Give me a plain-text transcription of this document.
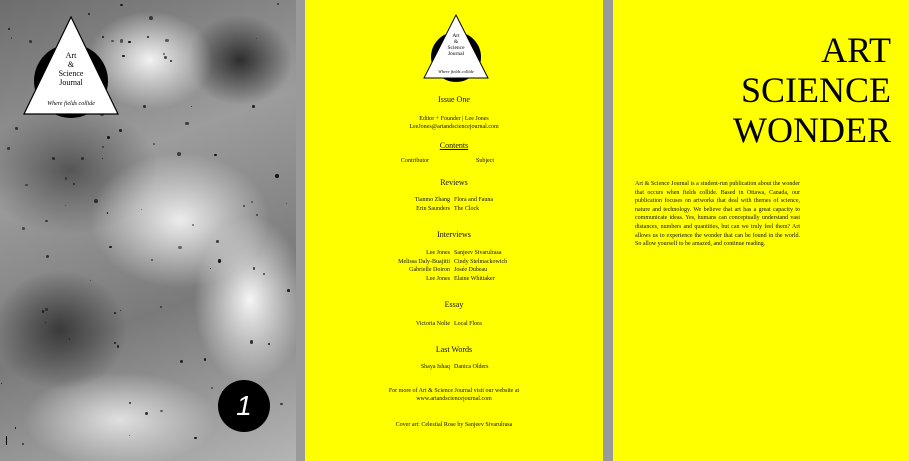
Art
&
Science
Journal
Where fields collide
1
Art
&
Science
Journal
Where fields collide
Issue One
Editor + Founder | Lee Jones
LeeJones@artandsciencejournal.com
Contents
Contributor	Subject
Reviews
Tianmo Zhang Flora and Fauna
Erin Saunders The Clock
Interviews
Lee Jones Sanjeev Sivarulrasa
Melissa Daly-Buajitti Cindy Stelmackowich
Gabrielle Doiron Josée Dubeau
Lee Jones Elaine Whittaker
Essay
Victoria Nolte Local Flora
Last Words
Shaya Ishaq Danica Olders
For more of Art & Science Journal visit our website at
www.artandsciencejournal.com
Cover art: Celestial Rose by Sanjeev Sivarulrasa
ART
SCIENCE
WONDER
Art & Science Journal is a student-run publication about the wonder that occurs when fields collide. Based in Ottawa, Canada, our publication focuses on artworks that deal with themes of science, nature and technology. We believe that art has a great capacity to communicate ideas. Yes, humans can conceptually understand vast distances, numbers and quantities, but can we truly feel them? Art allows us to experience the wonder that can be found in the world. So allow yourself to be amazed, and continue reading.
